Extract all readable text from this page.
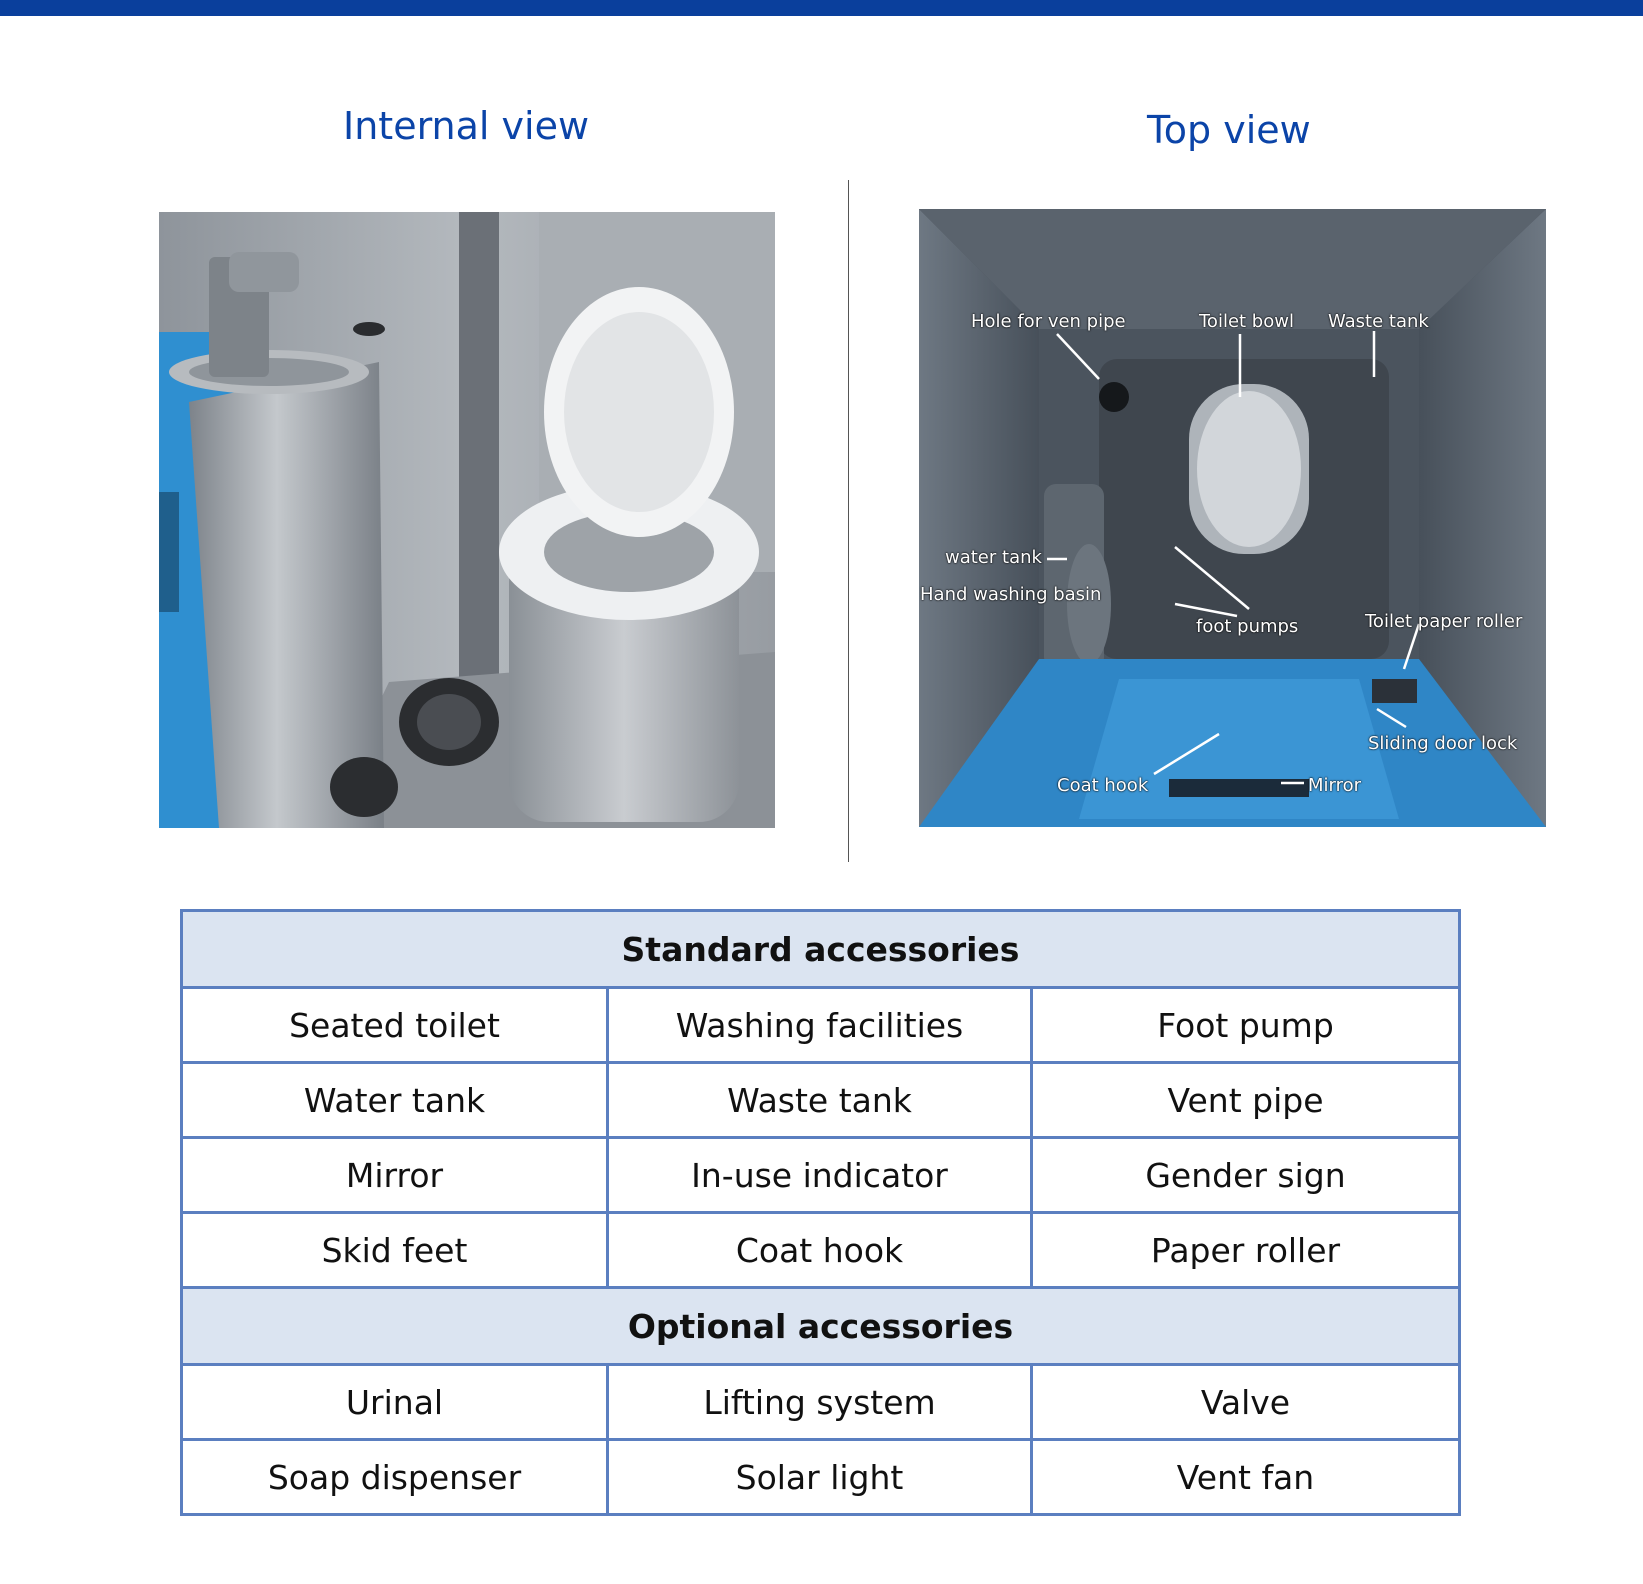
Internal view	Top view
Hole for ven pipe	Toilet bowl Waste tank
water tank
Hand washing basin
foot pumps	Toilet paper roller
Sliding door lock
Coat hook	Mirror
Standard accessories		
Seated toilet	Washing facilities	Foot pump
Water tank	Waste tank	Vent pipe
Mirror	In-use indicator	Gender sign
Skid feet	Coat hook	Paper roller
Optional accessories		
Urinal	Lifting system	Valve
Soap dispenser	Solar light	Vent fan
